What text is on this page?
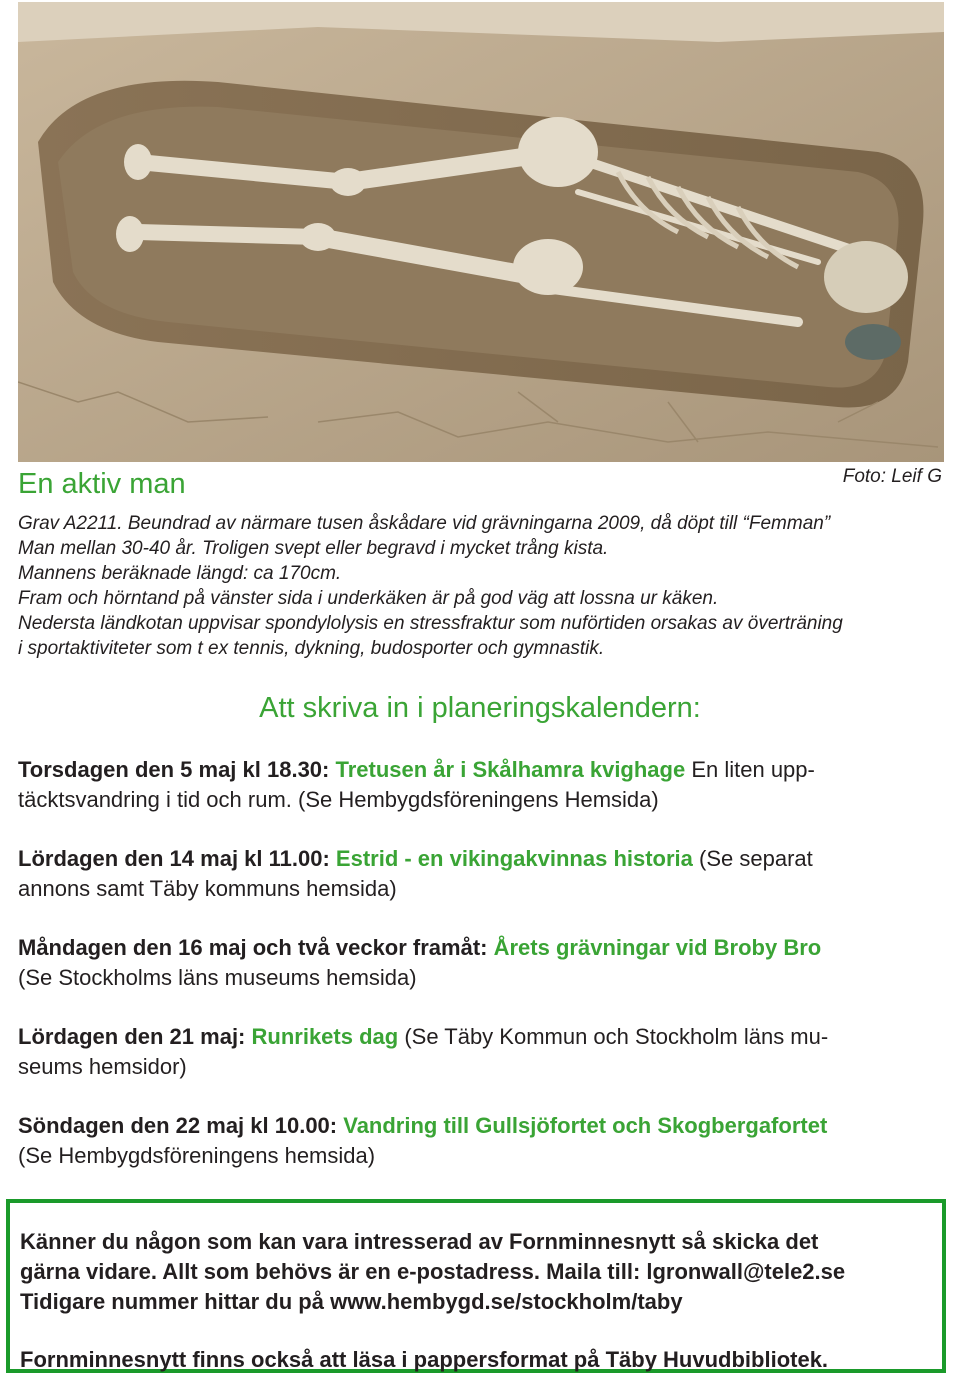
En aktiv man	Foto: Leif G

Grav A2211. Beundrad av närmare tusen åskådare vid grävningarna 2009, då döpt till “Femman”

Man mellan 30-40 år. Troligen svept eller begravd i mycket trång kista.

Mannens beräknade längd: ca 170cm.

Fram och hörntand på vänster sida i underkäken är på god väg att lossna ur käken.

Nedersta ländkotan uppvisar spondylolysis en stressfraktur som nuförtiden orsakas av överträning

i sportaktiviteter som t ex tennis, dykning, budosporter och gymnastik.

Att skriva in i planeringskalendern:
Torsdagen den 5 maj kl 18.30: Tretusen år i Skålhamra kvighage En liten upp-
täcktsvandring i tid och rum. (Se Hembygdsföreningens Hemsida)
Lördagen den 14 maj kl 11.00: Estrid - en vikingakvinnas historia (Se separat
annons samt Täby kommuns hemsida)
Måndagen den 16 maj och två veckor framåt: Årets grävningar vid Broby Bro
(Se Stockholms läns museums hemsida)
Lördagen den 21 maj: Runrikets dag (Se Täby Kommun och Stockholm läns mu-
seums hemsidor)
Söndagen den 22 maj kl 10.00: Vandring till Gullsjöfortet och Skogbergafortet
(Se Hembygdsföreningens hemsida)
Känner du någon som kan vara intresserad av Fornminnesnytt så skicka det
gärna vidare. Allt som behövs är en e-postadress. Maila till: lgronwall@tele2.se
Tidigare nummer hittar du på www.hembygd.se/stockholm/taby
Fornminnesnytt finns också att läsa i pappersformat på Täby Huvudbibliotek.
